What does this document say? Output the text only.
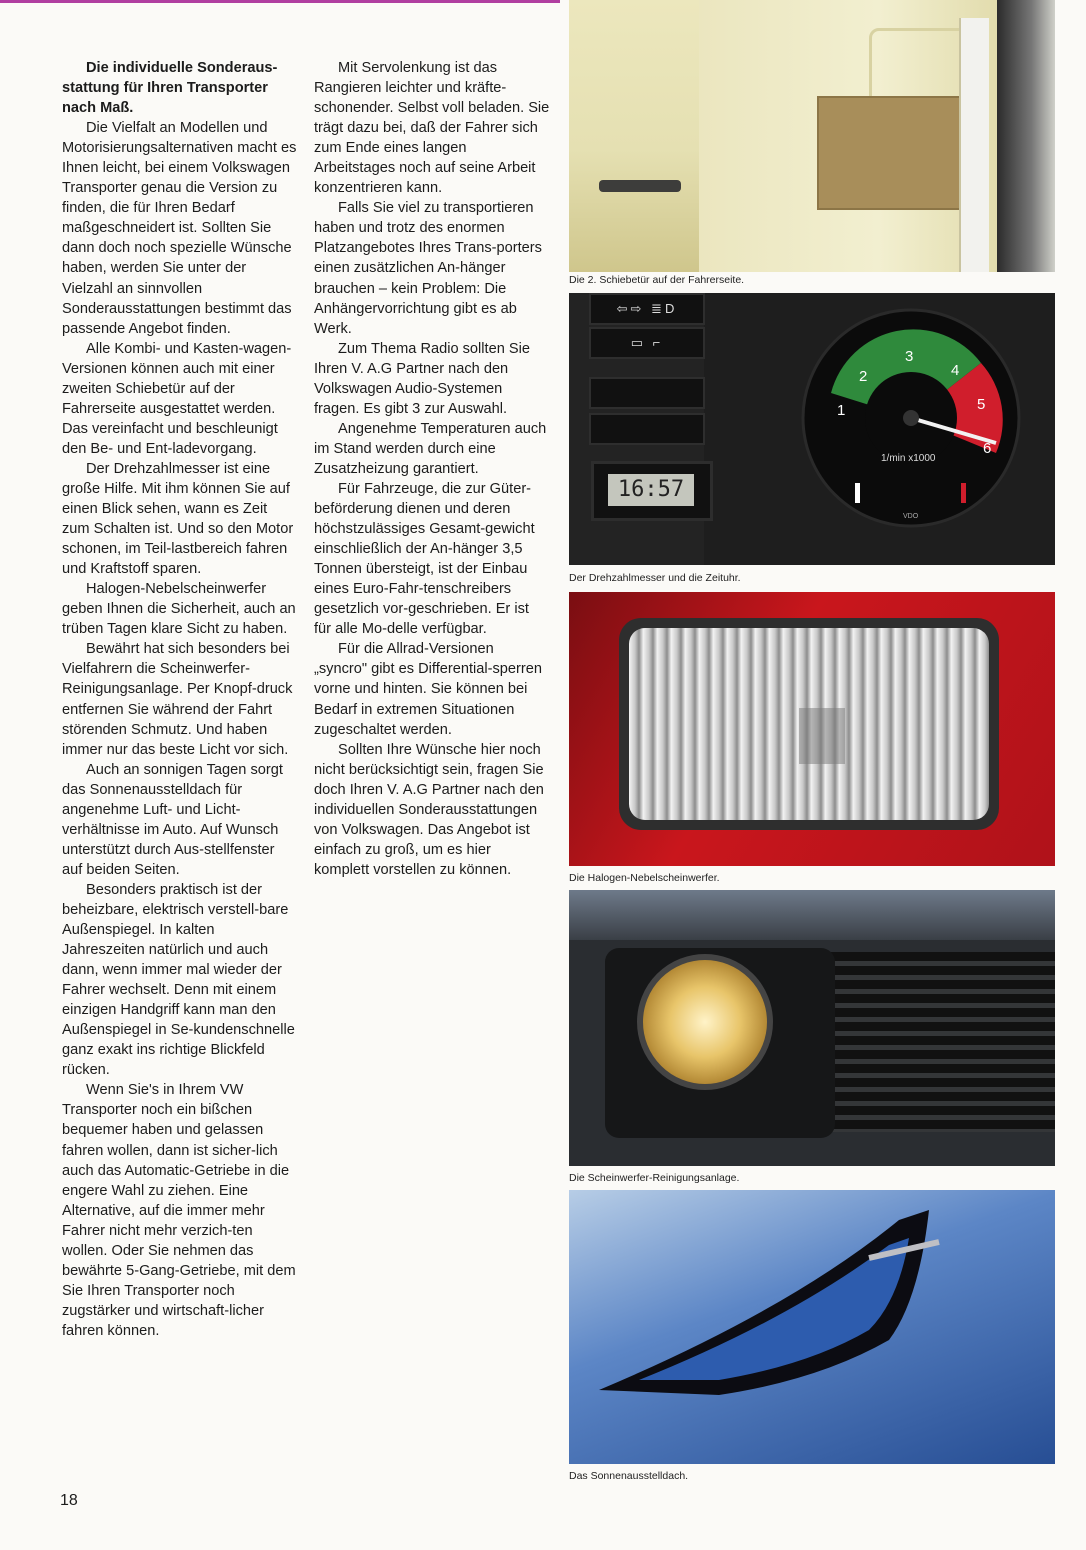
Die individuelle Sonderaus-
stattung für Ihren Transporter
nach Maß.

Die Vielfalt an Modellen und Motorisierungsalternativen macht es Ihnen leicht, bei einem Volkswagen Transporter genau die Version zu finden, die für Ihren Bedarf maßgeschneidert ist. Sollten Sie dann doch noch spezielle Wünsche haben, werden Sie unter der Vielzahl an sinnvollen Sonderausstattungen bestimmt das passende Angebot finden.

Alle Kombi- und Kasten-wagen-Versionen können auch mit einer zweiten Schiebetür auf der Fahrerseite ausgestattet werden. Das vereinfacht und beschleunigt den Be- und Ent-ladevorgang.

Der Drehzahlmesser ist eine große Hilfe. Mit ihm können Sie auf einen Blick sehen, wann es Zeit zum Schalten ist. Und so den Motor schonen, im Teil-lastbereich fahren und Kraftstoff sparen.

Halogen-Nebelscheinwerfer geben Ihnen die Sicherheit, auch an trüben Tagen klare Sicht zu haben.

Bewährt hat sich besonders bei Vielfahrern die Scheinwerfer-Reinigungsanlage. Per Knopf-druck entfernen Sie während der Fahrt störenden Schmutz. Und haben immer nur das beste Licht vor sich.

Auch an sonnigen Tagen sorgt das Sonnenausstelldach für angenehme Luft- und Licht-verhältnisse im Auto. Auf Wunsch unterstützt durch Aus-stellfenster auf beiden Seiten.

Besonders praktisch ist der beheizbare, elektrisch verstell-bare Außenspiegel. In kalten Jahreszeiten natürlich und auch dann, wenn immer mal wieder der Fahrer wechselt. Denn mit einem einzigen Handgriff kann man den Außenspiegel in Se-kundenschnelle ganz exakt ins richtige Blickfeld rücken.

Wenn Sie's in Ihrem VW Transporter noch ein bißchen bequemer haben und gelassen fahren wollen, dann ist sicher-lich auch das Automatic-Getriebe in die engere Wahl zu ziehen. Eine Alternative, auf die immer mehr Fahrer nicht mehr verzich-ten wollen. Oder Sie nehmen das bewährte 5-Gang-Getriebe, mit dem Sie Ihren Transporter noch zugstärker und wirtschaft-licher fahren können.

Mit Servolenkung ist das Rangieren leichter und kräfte-schonender. Selbst voll beladen. Sie trägt dazu bei, daß der Fahrer sich zum Ende eines langen Arbeitstages noch auf seine Arbeit konzentrieren kann.

Falls Sie viel zu transportieren haben und trotz des enormen Platzangebotes Ihres Trans-porters einen zusätzlichen An-hänger brauchen – kein Problem: Die Anhängervorrichtung gibt es ab Werk.

Zum Thema Radio sollten Sie Ihren V. A.G Partner nach den Volkswagen Audio-Systemen fragen. Es gibt 3 zur Auswahl.

Angenehme Temperaturen auch im Stand werden durch eine Zusatzheizung garantiert.

Für Fahrzeuge, die zur Güter-beförderung dienen und deren höchstzulässiges Gesamt-gewicht einschließlich der An-hänger 3,5 Tonnen übersteigt, ist der Einbau eines Euro-Fahr-tenschreibers gesetzlich vor-geschrieben. Er ist für alle Mo-delle verfügbar.

Für die Allrad-Versionen „syncro" gibt es Differential-sperren vorne und hinten. Sie können bei Bedarf in extremen Situationen zugeschaltet werden.

Sollten Ihre Wünsche hier noch nicht berücksichtigt sein, fragen Sie doch Ihren V. A.G Partner nach den individuellen Sonderausstattungen von Volkswagen. Das Angebot ist einfach zu groß, um es hier komplett vorstellen zu können.

Die 2. Schiebetür auf der Fahrerseite.
⇦⇨ ≣D
▭ ⌐
16:57
1
2
3
4
5
6
1/min x1000
VDO
Der Drehzahlmesser und die Zeituhr.
Die Halogen-Nebelscheinwerfer.
Die Scheinwerfer-Reinigungsanlage.
Das Sonnenausstelldach.
18
